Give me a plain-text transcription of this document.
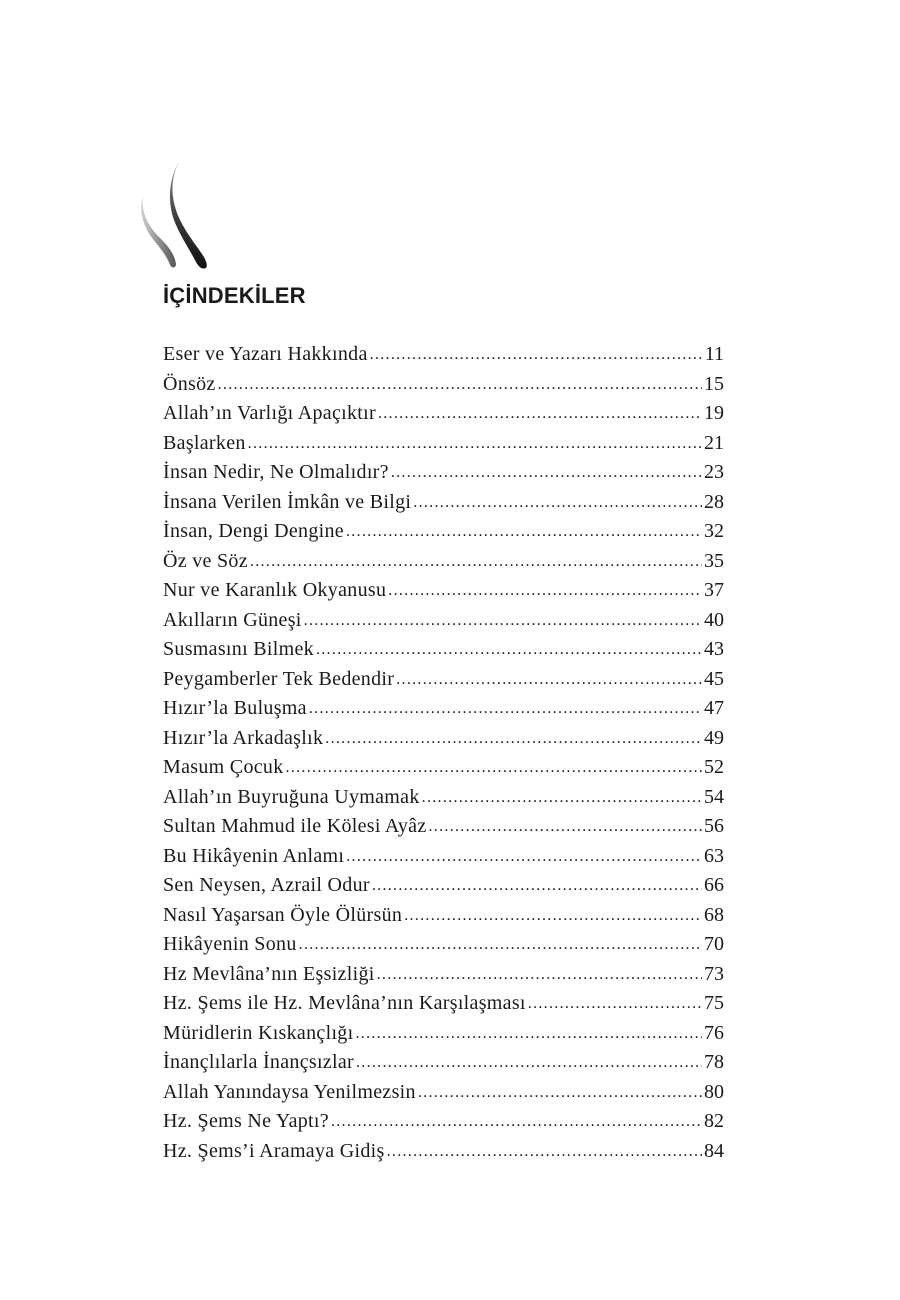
İÇİNDEKİLER
Eser ve Yazarı Hakkında .....	11
Önsöz .....	15
Allah’ın Varlığı Apaçıktır .....	19
Başlarken .....	21
İnsan Nedir, Ne Olmalıdır? .....	23
İnsana Verilen İmkân ve Bilgi .....	28
İnsan, Dengi Dengine .....	32
Öz ve Söz .....	35
Nur ve Karanlık Okyanusu .....	37
Akılların Güneşi .....	40
Susmasını Bilmek .....	43
Peygamberler Tek Bedendir .....	45
Hızır’la Buluşma .....	47
Hızır’la Arkadaşlık .....	49
Masum Çocuk .....	52
Allah’ın Buyruğuna Uymamak .....	54
Sultan Mahmud ile Kölesi Ayâz .....	56
Bu Hikâyenin Anlamı .....	63
Sen Neysen, Azrail Odur .....	66
Nasıl Yaşarsan Öyle Ölürsün .....	68
Hikâyenin Sonu .....	70
Hz Mevlâna’nın Eşsizliği .....	73
Hz. Şems ile Hz. Mevlâna’nın Karşılaşması .....	75
Müridlerin Kıskançlığı .....	76
İnançlılarla İnançsızlar .....	78
Allah Yanındaysa Yenilmezsin .....	80
Hz. Şems Ne Yaptı? .....	82
Hz. Şems’i Aramaya Gidiş .....	84
